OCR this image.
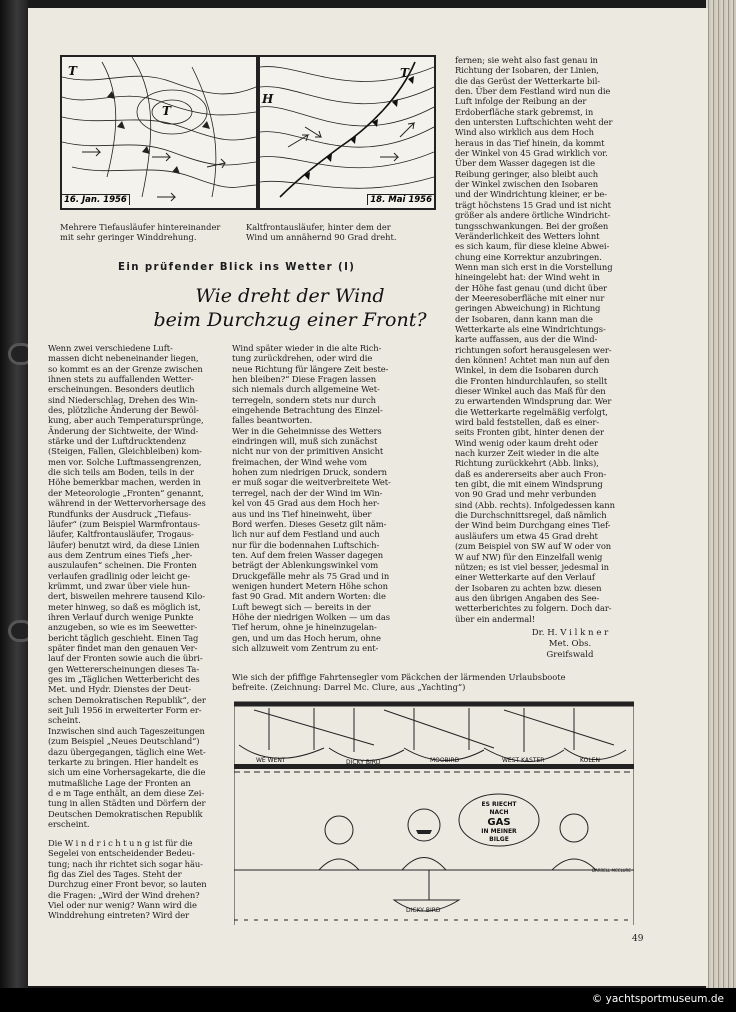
T
T
16. Jan. 1956
H
T
18. Mai 1956
Mehrere Tiefausläufer hintereinander
mit sehr geringer Winddrehung.
Kaltfrontausläufer, hinter dem der
Wind um annähernd 90 Grad dreht.
Ein prüfender Blick ins Wetter (I)
Wie dreht der Wind
beim Durchzug einer Front?
Wenn zwei verschiedene Luft-
massen dicht nebeneinander liegen,
so kommt es an der Grenze zwischen
ihnen stets zu auffallenden Wetter-
erscheinungen. Besonders deutlich
sind Niederschlag, Drehen des Win-
des, plötzliche Änderung der Bewöl-
kung, aber auch Temperatursprünge,
Änderung der Sichtweite, der Wind-
stärke und der Luftdrucktendenz
(Steigen, Fallen, Gleichbleiben) kom-
men vor. Solche Luftmassengrenzen,
die sich teils am Boden, teils in der
Höhe bemerkbar machen, werden in
der Meteorologie „Fronten“ genannt,
während in der Wettervorhersage des
Rundfunks der Ausdruck „Tiefaus-
läufer“ (zum Beispiel Warmfrontaus-
läufer, Kaltfrontausläufer, Trogaus-
läufer) benutzt wird, da diese Linien
aus dem Zentrum eines Tiefs „her-
auszulaufen“ scheinen. Die Fronten
verlaufen gradlinig oder leicht ge-
krümmt, und zwar über viele hun-
dert, bisweilen mehrere tausend Kilo-
meter hinweg, so daß es möglich ist,
ihren Verlauf durch wenige Punkte
anzugeben, so wie es im Seewetter-
bericht täglich geschieht. Einen Tag
später findet man den genauen Ver-
lauf der Fronten sowie auch die übri-
gen Wettererscheinungen dieses Ta-
ges im „Täglichen Wetterbericht des
Met. und Hydr. Dienstes der Deut-
schen Demokratischen Republik“, der
seit Juli 1956 in erweiterter Form er-
scheint.
Inzwischen sind auch Tageszeitungen
(zum Beispiel „Neues Deutschland“)
dazu übergegangen, täglich eine Wet-
terkarte zu bringen. Hier handelt es
sich um eine Vorhersagekarte, die die
mutmaßliche Lage der Fronten an
d e m Tage enthält, an dem diese Zei-
tung in allen Städten und Dörfern der
Deutschen Demokratischen Republik
erscheint.
Die W i n d r i c h t u n g ist für die
Segelei von entscheidender Bedeu-
tung; nach ihr richtet sich sogar häu-
fig das Ziel des Tages. Steht der
Durchzug einer Front bevor, so lauten
die Fragen: „Wird der Wind drehen?
Viel oder nur wenig? Wann wird die
Winddrehung eintreten? Wird der
Wind später wieder in die alte Rich-
tung zurückdrehen, oder wird die
neue Richtung für längere Zeit beste-
hen bleiben?“ Diese Fragen lassen
sich niemals durch allgemeine Wet-
terregeln, sondern stets nur durch
eingehende Betrachtung des Einzel-
falles beantworten.
Wer in die Geheimnisse des Wetters
eindringen will, muß sich zunächst
nicht nur von der primitiven Ansicht
freimachen, der Wind wehe vom
hohen zum niedrigen Druck, sondern
er muß sogar die weitverbreitete Wet-
terregel, nach der der Wind im Win-
kel von 45 Grad aus dem Hoch her-
aus und ins Tief hineinweht, über
Bord werfen. Dieses Gesetz gilt näm-
lich nur auf dem Festland und auch
nur für die bodennahen Luftschich-
ten. Auf dem freien Wasser dagegen
beträgt der Ablenkungswinkel vom
Druckgefälle mehr als 75 Grad und in
wenigen hundert Metern Höhe schon
fast 90 Grad. Mit andern Worten: die
Luft bewegt sich — bereits in der
Höhe der niedrigen Wolken — um das
Tief herum, ohne je hineinzugelan-
gen, und um das Hoch herum, ohne
sich allzuweit vom Zentrum zu ent-
fernen; sie weht also fast genau in
Richtung der Isobaren, der Linien,
die das Gerüst der Wetterkarte bil-
den. Über dem Festland wird nun die
Luft infolge der Reibung an der
Erdoberfläche stark gebremst, in
den untersten Luftschichten weht der
Wind also wirklich aus dem Hoch
heraus in das Tief hinein, da kommt
der Winkel von 45 Grad wirklich vor.
Über dem Wasser dagegen ist die
Reibung geringer, also bleibt auch
der Winkel zwischen den Isobaren
und der Windrichtung kleiner, er be-
trägt höchstens 15 Grad und ist nicht
größer als andere örtliche Windricht-
tungsschwankungen. Bei der großen
Veränderlichkeit des Wetters lohnt
es sich kaum, für diese kleine Abwei-
chung eine Korrektur anzubringen.
Wenn man sich erst in die Vorstellung
hineingelebt hat: der Wind weht in
der Höhe fast genau (und dicht über
der Meeresoberfläche mit einer nur
geringen Abweichung) in Richtung
der Isobaren, dann kann man die
Wetterkarte als eine Windrichtungs-
karte auffassen, aus der die Wind-
richtungen sofort herausgelesen wer-
den können! Achtet man nun auf den
Winkel, in dem die Isobaren durch
die Fronten hindurchlaufen, so stellt
dieser Winkel auch das Maß für den
zu erwartenden Windsprung dar. Wer
die Wetterkarte regelmäßig verfolgt,
wird bald feststellen, daß es einer-
seits Fronten gibt, hinter denen der
Wind wenig oder kaum dreht oder
nach kurzer Zeit wieder in die alte
Richtung zurückkehrt (Abb. links),
daß es andererseits aber auch Fron-
ten gibt, die mit einem Windsprung
von 90 Grad und mehr verbunden
sind (Abb. rechts). Infolgedessen kann
die Durchschnittsregel, daß nämlich
der Wind beim Durchgang eines Tief-
ausläufers um etwa 45 Grad dreht
(zum Beispiel von SW auf W oder von
W auf NW) für den Einzelfall wenig
nützen; es ist viel besser, jedesmal in
einer Wetterkarte auf den Verlauf
der Isobaren zu achten bzw. diesen
aus den übrigen Angaben des See-
wetterberichtes zu folgern. Doch dar-
über ein andermal!
Dr. H. V i l k n e r
Met. Obs. Greifswald
Wie sich der pfiffige Fahrtensegler vom Päckchen der lärmenden Urlaubsboote
befreite. (Zeichnung: Darrel Mc. Clure, aus „Yachting“)
WE WENT	DICKY BIRD	MOOBIRD	WEST KASTER	KOLEN
DICKY BIRD
DARRELL MCCLURE
ES RIECHT
NACH
GAS
IN MEINER
BILGE
49
© yachtsportmuseum.de
